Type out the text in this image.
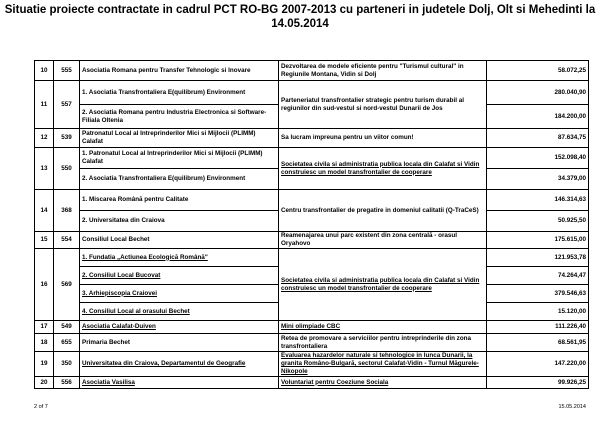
Situatie proiecte contractate in cadrul PCT RO-BG 2007-2013 cu parteneri in judetele Dolj, Olt si Mehedinti la 14.05.2014
10	555	Asociatia Romana pentru Transfer Tehnologic si Inovare	Dezvoltarea de modele eficiente pentru "Turismul cultural" in Regiunile Montana, Vidin si Dolj	58.072,25
11	557	1. Asociatia Transfrontaliera E(quilibrum) Environment	Parteneriatul transfrontalier strategic pentru turism durabil al regiunilor din sud-vestul si nord-vestul Dunarii de Jos	280.040,90
		2. Asociatia Romana pentru Industria Electronica si Software- Filiala Oltenia		184.200,00
12	539	Patronatul Local al Intreprinderilor Mici si Mijlocii (PLIMM) Calafat	Sa lucram impreuna pentru un viitor comun!	87.634,75
13	550	1. Patronatul Local al Intreprinderilor Mici si Mijlocii (PLIMM) Calafat	Societatea civila si administratia publica locala din Calafat si Vidin construiesc un model transfrontalier de cooperare	152.098,40
		2. Asociatia Transfrontaliera E(quilibrum) Environment		34.379,00
14	368	1. Miscarea Română pentru Calitate	Centru transfrontalier de pregatire in domeniul calitatii (Q-TraCeS)	146.314,63
		2. Universitatea din Craiova		50.925,50
15	554	Consiliul Local Bechet	Reamenajarea unui parc existent din zona centrală - orasul Oryahovo	175.615,00
16	569	1. Fundatia „Actiunea Ecologică Română"	Societatea civila si administratia publica locala din Calafat si Vidin construiesc un model transfrontalier de cooperare	121.953,78
		2. Consiliul Local Bucovat		74.264,47
		3. Arhiepiscopia Craiovei		379.546,63
		4. Consiliul Local al orasului Bechet		15.120,00
17	549	Asociatia Calafat-Duiven	Mini olimpiade CBC	111.226,40
18	655	Primaria Bechet	Retea de promovare a serviciilor pentru intreprinderile din zona transfrontaliera	68.561,95
19	350	Universitatea din Craiova, Departamentul de Geografie	Evaluarea hazardelor naturale si tehnologice in lunca Dunarii, la granita Româno-Bulgară, sectorul Calafat-Vidin - Turnul Măgurele-Nikopole	147.220,00
20	556	Asociatia Vasilisa	Voluntariat pentru Coeziune Sociala	99.926,25
2 of 7	15.05.2014
